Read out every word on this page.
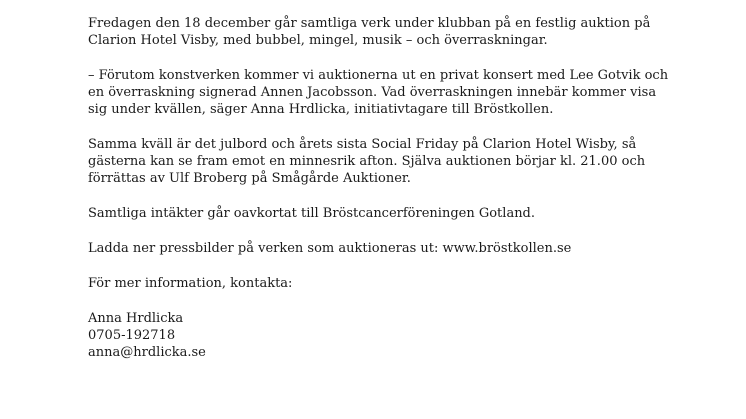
Fredagen den 18 december går samtliga verk under klubban på en festlig auktion på
Clarion Hotel Visby, med bubbel, mingel, musik – och överraskningar.

– Förutom konstverken kommer vi auktionerna ut en privat konsert med Lee Gotvik och
en överraskning signerad Annen Jacobsson. Vad överraskningen innebär kommer visa
sig under kvällen, säger Anna Hrdlicka, initiativtagare till Bröstkollen.

Samma kväll är det julbord och årets sista Social Friday på Clarion Hotel Wisby, så
gästerna kan se fram emot en minnesrik afton. Själva auktionen börjar kl. 21.00 och
förrättas av Ulf Broberg på Smågårde Auktioner.

Samtliga intäkter går oavkortat till Bröstcancerföreningen Gotland.

Ladda ner pressbilder på verken som auktioneras ut: www.bröstkollen.se

För mer information, kontakta:

Anna Hrdlicka
0705-192718
anna@hrdlicka.se
